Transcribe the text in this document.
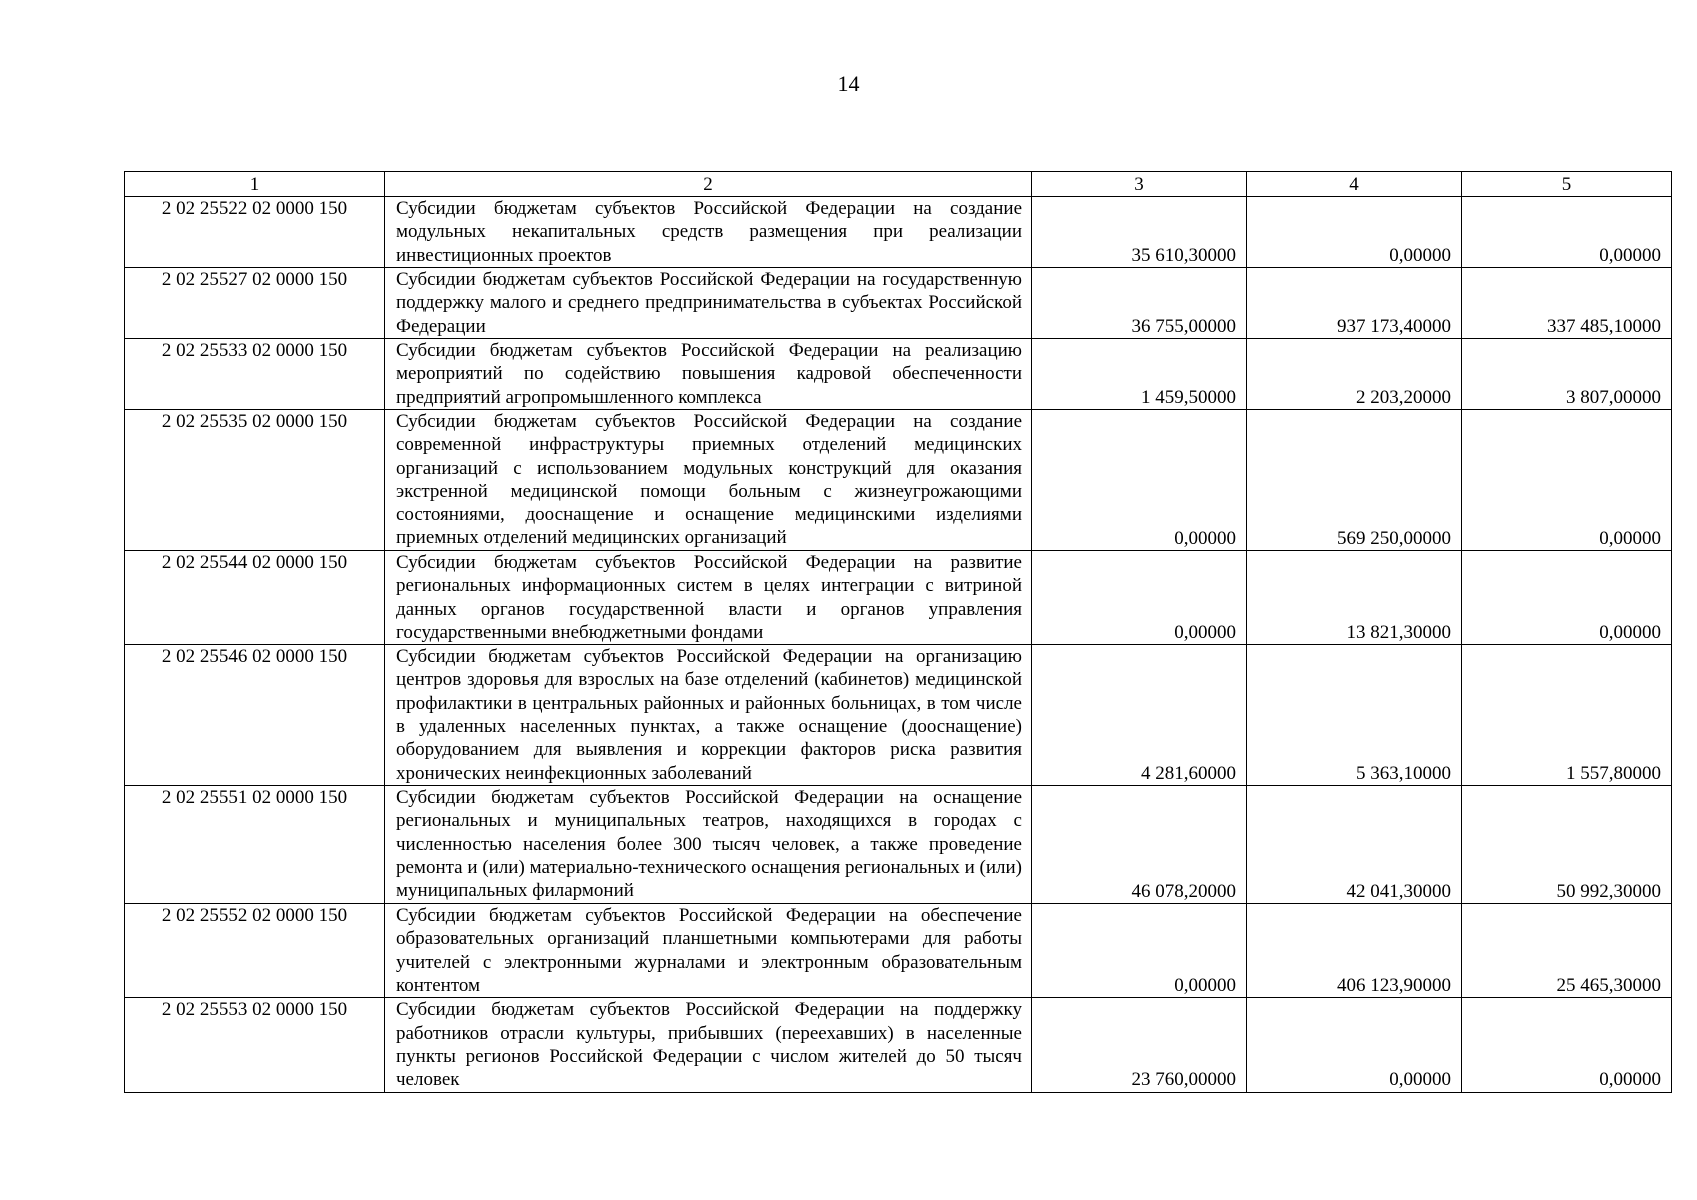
14
1	2	3	4	5
2 02 25522 02 0000 150	Субсидии бюджетам субъектов Российской Федерации на создание модульных некапитальных средств размещения при реализации инвестиционных проектов	35 610,30000	0,00000	0,00000
2 02 25527 02 0000 150	Субсидии бюджетам субъектов Российской Федерации на государственную поддержку малого и среднего предпринимательства в субъектах Российской Федерации	36 755,00000	937 173,40000	337 485,10000
2 02 25533 02 0000 150	Субсидии бюджетам субъектов Российской Федерации на реализацию мероприятий по содействию повышения кадровой обеспеченности предприятий агропромышленного комплекса	1 459,50000	2 203,20000	3 807,00000
2 02 25535 02 0000 150	Субсидии бюджетам субъектов Российской Федерации на создание современной инфраструктуры приемных отделений медицинских организаций с использованием модульных конструкций для оказания экстренной медицинской помощи больным с жизнеугрожающими состояниями, дооснащение и оснащение медицинскими изделиями приемных отделений медицинских организаций	0,00000	569 250,00000	0,00000
2 02 25544 02 0000 150	Субсидии бюджетам субъектов Российской Федерации на развитие региональных информационных систем в целях интеграции с витриной данных органов государственной власти и органов управления государственными внебюджетными фондами	0,00000	13 821,30000	0,00000
2 02 25546 02 0000 150	Субсидии бюджетам субъектов Российской Федерации на организацию центров здоровья для взрослых на базе отделений (кабинетов) медицинской профилактики в центральных районных и районных больницах, в том числе в удаленных населенных пунктах, а также оснащение (дооснащение) оборудованием для выявления и коррекции факторов риска развития хронических неинфекционных заболеваний	4 281,60000	5 363,10000	1 557,80000
2 02 25551 02 0000 150	Субсидии бюджетам субъектов Российской Федерации на оснащение региональных и муниципальных театров, находящихся в городах с численностью населения более 300 тысяч человек, а также проведение ремонта и (или) материально-технического оснащения региональных и (или) муниципальных филармоний	46 078,20000	42 041,30000	50 992,30000
2 02 25552 02 0000 150	Субсидии бюджетам субъектов Российской Федерации на обеспечение образовательных организаций планшетными компьютерами для работы учителей с электронными журналами и электронным образовательным контентом	0,00000	406 123,90000	25 465,30000
2 02 25553 02 0000 150	Субсидии бюджетам субъектов Российской Федерации на поддержку работников отрасли культуры, прибывших (переехавших) в населенные пункты регионов Российской Федерации с числом жителей до 50 тысяч человек	23 760,00000	0,00000	0,00000
